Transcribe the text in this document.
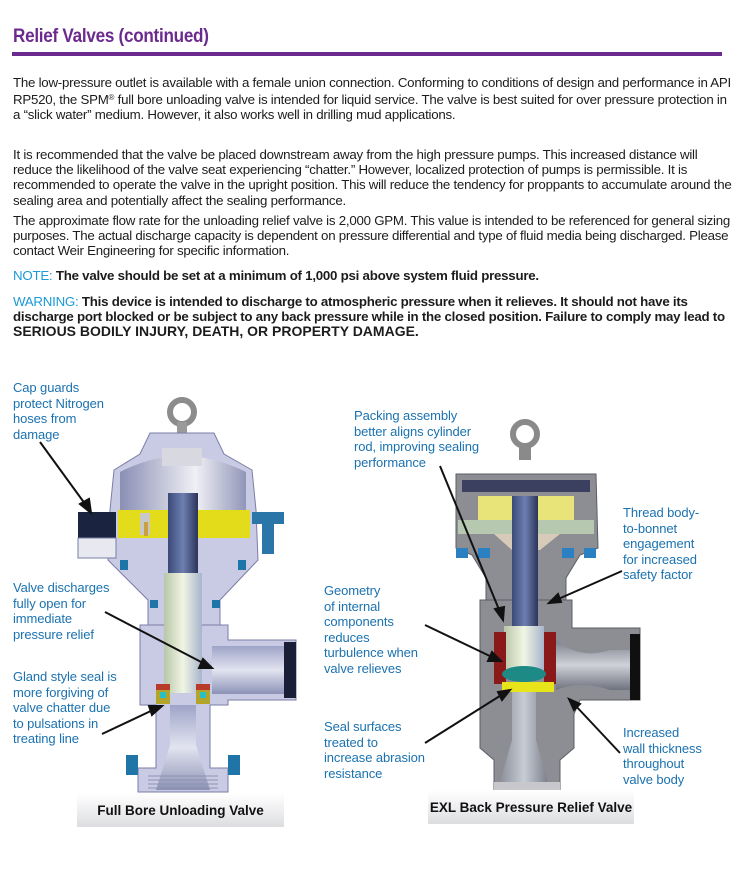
Relief Valves (continued)

The low-pressure outlet is available with a female union connection. Conforming to conditions of design and performance in API RP520, the SPM® full bore unloading valve is intended for liquid service. The valve is best suited for over pressure protection in a “slick water” medium. However, it also works well in drilling mud applications.

It is recommended that the valve be placed downstream away from the high pressure pumps. This increased distance will reduce the likelihood of the valve seat experiencing “chatter.” However, localized protection of pumps is permissible. It is recommended to operate the valve in the upright position. This will reduce the tendency for proppants to accumulate around the sealing area and potentially affect the sealing performance.

The approximate flow rate for the unloading relief valve is 2,000 GPM. This value is intended to be referenced for general sizing purposes. The actual discharge capacity is dependent on pressure differential and type of fluid media being discharged. Please contact Weir Engineering for specific information.

NOTE: The valve should be set at a minimum of 1,000 psi above system fluid pressure.

WARNING: This device is intended to discharge to atmospheric pressure when it relieves. It should not have its discharge port blocked or be subject to any back pressure while in the closed position. Failure to comply may lead to SERIOUS BODILY INJURY, DEATH, OR PROPERTY DAMAGE.

Full Bore Unloading Valve	EXL Back Pressure Relief Valve
Cap guards
protect Nitrogen
hoses from
damage
Valve discharges
fully open for
immediate
pressure relief
Gland style seal is
more forgiving of
valve chatter due
to pulsations in
treating line
Packing assembly
better aligns cylinder
rod, improving sealing
performance
Thread body-
to-bonnet
engagement
for increased
safety factor
Geometry
of internal
components
reduces
turbulence when
valve relieves
Seal surfaces
treated to
increase abrasion
resistance
Increased
wall thickness
throughout
valve body
